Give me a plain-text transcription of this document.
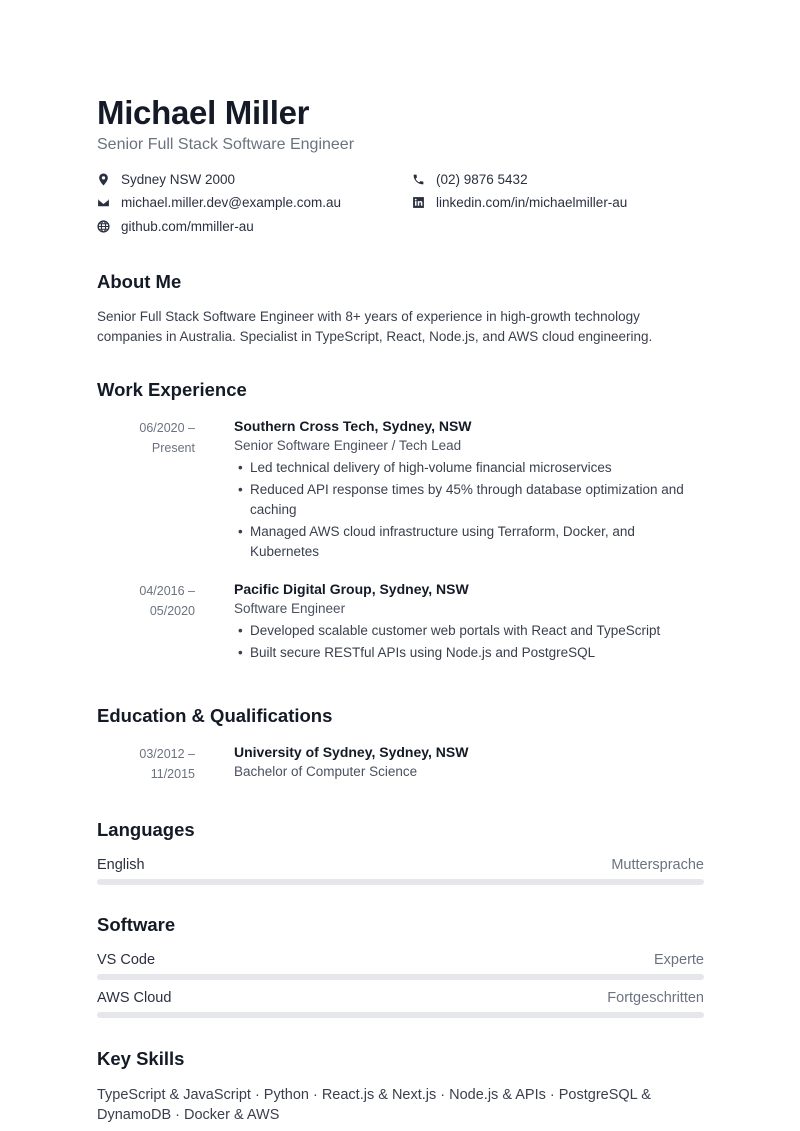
Michael Miller
Senior Full Stack Software Engineer
Sydney NSW 2000
michael.miller.dev@example.com.au
github.com/mmiller-au
(02) 9876 5432
linkedin.com/in/michaelmiller-au
About Me
Senior Full Stack Software Engineer with 8+ years of experience in high-growth technology companies in Australia. Specialist in TypeScript, React, Node.js, and AWS cloud engineering.
Work Experience
06/2020 –
Present
Southern Cross Tech, Sydney, NSW
Senior Software Engineer / Tech Lead
• Led technical delivery of high-volume financial microservices
• Reduced API response times by 45% through database optimization and caching
• Managed AWS cloud infrastructure using Terraform, Docker, and Kubernetes
04/2016 –
05/2020
Pacific Digital Group, Sydney, NSW
Software Engineer
• Developed scalable customer web portals with React and TypeScript
• Built secure RESTful APIs using Node.js and PostgreSQL
Education & Qualifications
03/2012 –
11/2015
University of Sydney, Sydney, NSW
Bachelor of Computer Science
Languages
English	Muttersprache
Software
VS Code	Experte
AWS Cloud	Fortgeschritten
Key Skills
TypeScript & JavaScript · Python · React.js & Next.js · Node.js & APIs · PostgreSQL & DynamoDB · Docker & AWS
